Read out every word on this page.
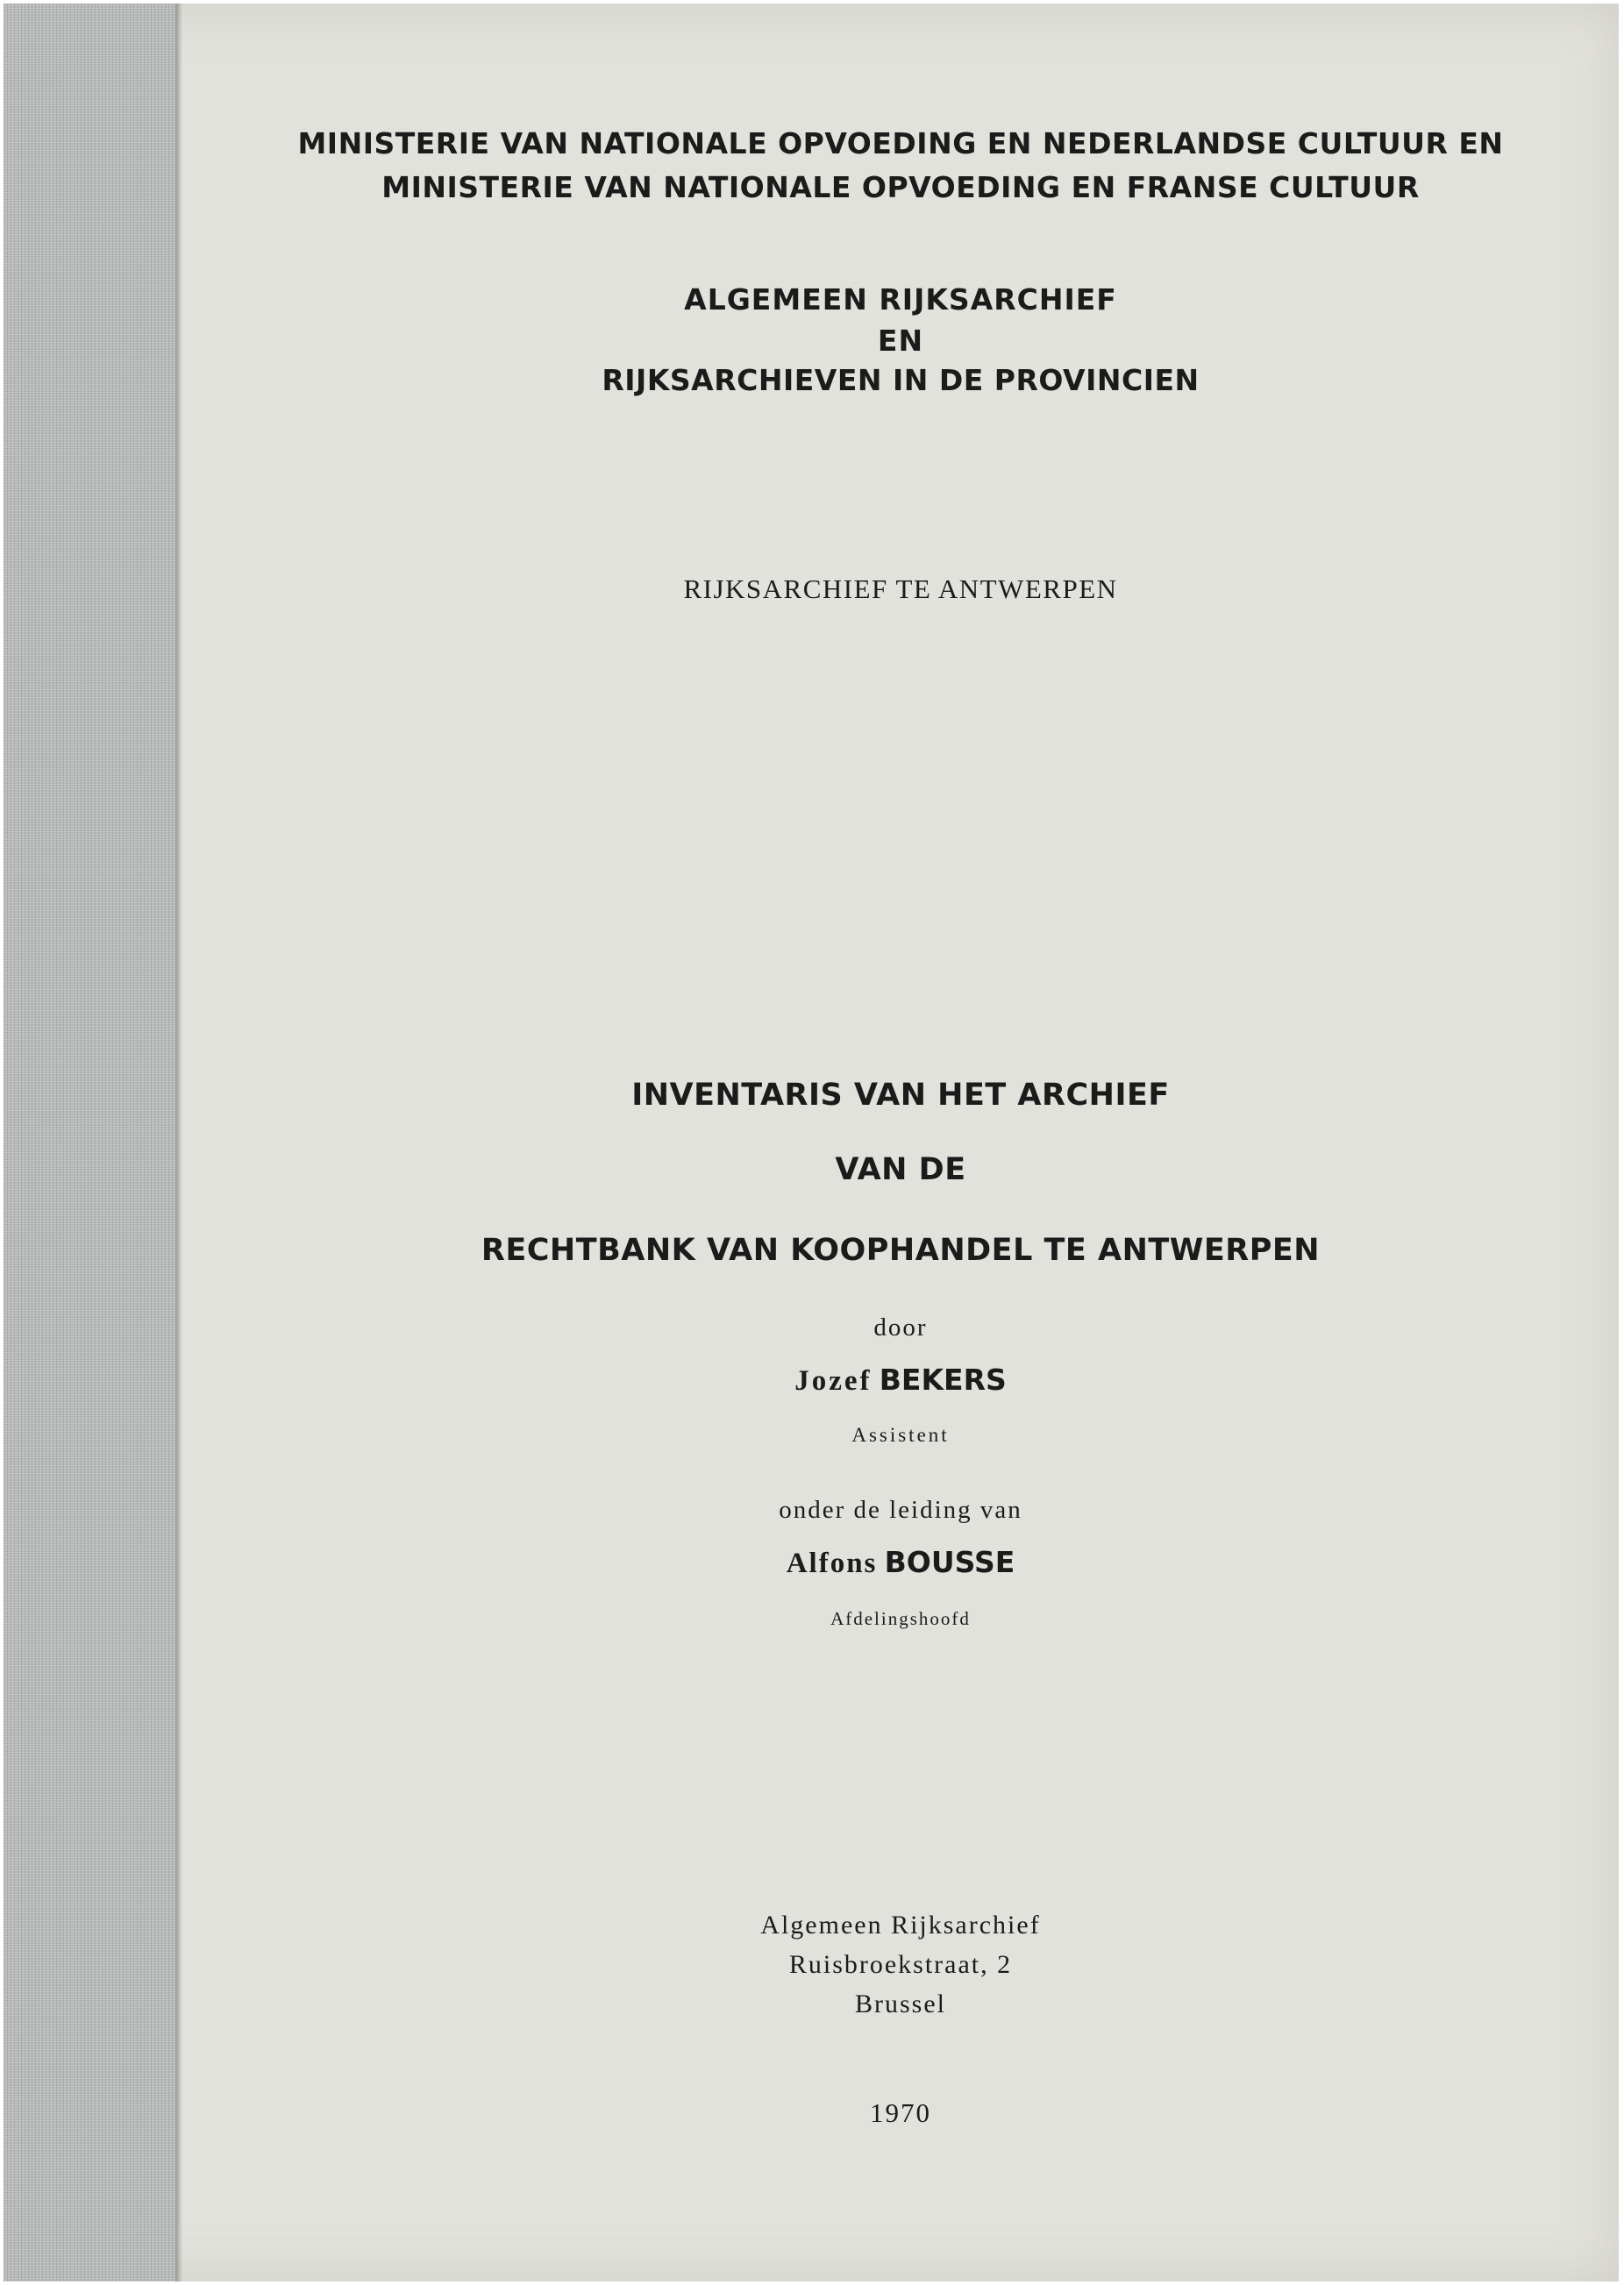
MINISTERIE VAN NATIONALE OPVOEDING EN NEDERLANDSE CULTUUR EN

MINISTERIE VAN NATIONALE OPVOEDING EN FRANSE CULTUUR

ALGEMEEN RIJKSARCHIEF

EN

RIJKSARCHIEVEN IN DE PROVINCIEN

RIJKSARCHIEF TE ANTWERPEN

INVENTARIS VAN HET ARCHIEF

VAN DE

RECHTBANK VAN KOOPHANDEL TE ANTWERPEN

door

Jozef BEKERS

Assistent

onder de leiding van

Alfons BOUSSE

Afdelingshoofd

Algemeen Rijksarchief

Ruisbroekstraat, 2

Brussel

1970
